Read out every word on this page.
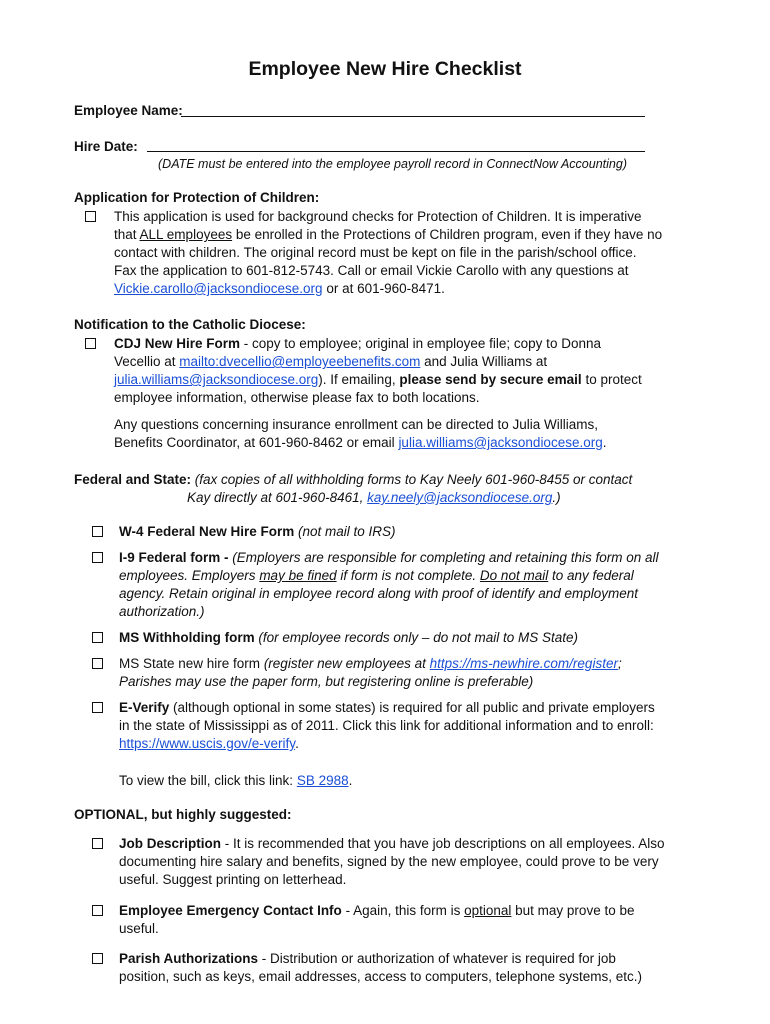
Employee New Hire Checklist
Employee Name:
Hire Date:
(DATE must be entered into the employee payroll record in ConnectNow Accounting)
Application for Protection of Children:
This application is used for background checks for Protection of Children. It is imperative
that ALL employees be enrolled in the Protections of Children program, even if they have no
contact with children. The original record must be kept on file in the parish/school office.
Fax the application to 601-812-5743. Call or email Vickie Carollo with any questions at
Vickie.carollo@jacksondiocese.org or at 601-960-8471.
Notification to the Catholic Diocese:
CDJ New Hire Form - copy to employee; original in employee file; copy to Donna
Vecellio at mailto:dvecellio@employeebenefits.com and Julia Williams at
julia.williams@jacksondiocese.org). If emailing, please send by secure email to protect
employee information, otherwise please fax to both locations.
Any questions concerning insurance enrollment can be directed to Julia Williams,
Benefits Coordinator, at 601-960-8462 or email julia.williams@jacksondiocese.org.
Federal and State: (fax copies of all withholding forms to Kay Neely 601-960-8455 or contact
Kay directly at 601-960-8461, kay.neely@jacksondiocese.org.)
W-4 Federal New Hire Form (not mail to IRS)
I-9 Federal form - (Employers are responsible for completing and retaining this form on all
employees. Employers may be fined if form is not complete. Do not mail to any federal
agency. Retain original in employee record along with proof of identify and employment
authorization.)
MS Withholding form (for employee records only – do not mail to MS State)
MS State new hire form (register new employees at https://ms-newhire.com/register;
Parishes may use the paper form, but registering online is preferable)
E-Verify (although optional in some states) is required for all public and private employers
in the state of Mississippi as of 2011. Click this link for additional information and to enroll:
https://www.uscis.gov/e-verify.
To view the bill, click this link: SB 2988.
OPTIONAL, but highly suggested:
Job Description - It is recommended that you have job descriptions on all employees. Also
documenting hire salary and benefits, signed by the new employee, could prove to be very
useful. Suggest printing on letterhead.
Employee Emergency Contact Info - Again, this form is optional but may prove to be
useful.
Parish Authorizations - Distribution or authorization of whatever is required for job
position, such as keys, email addresses, access to computers, telephone systems, etc.)
